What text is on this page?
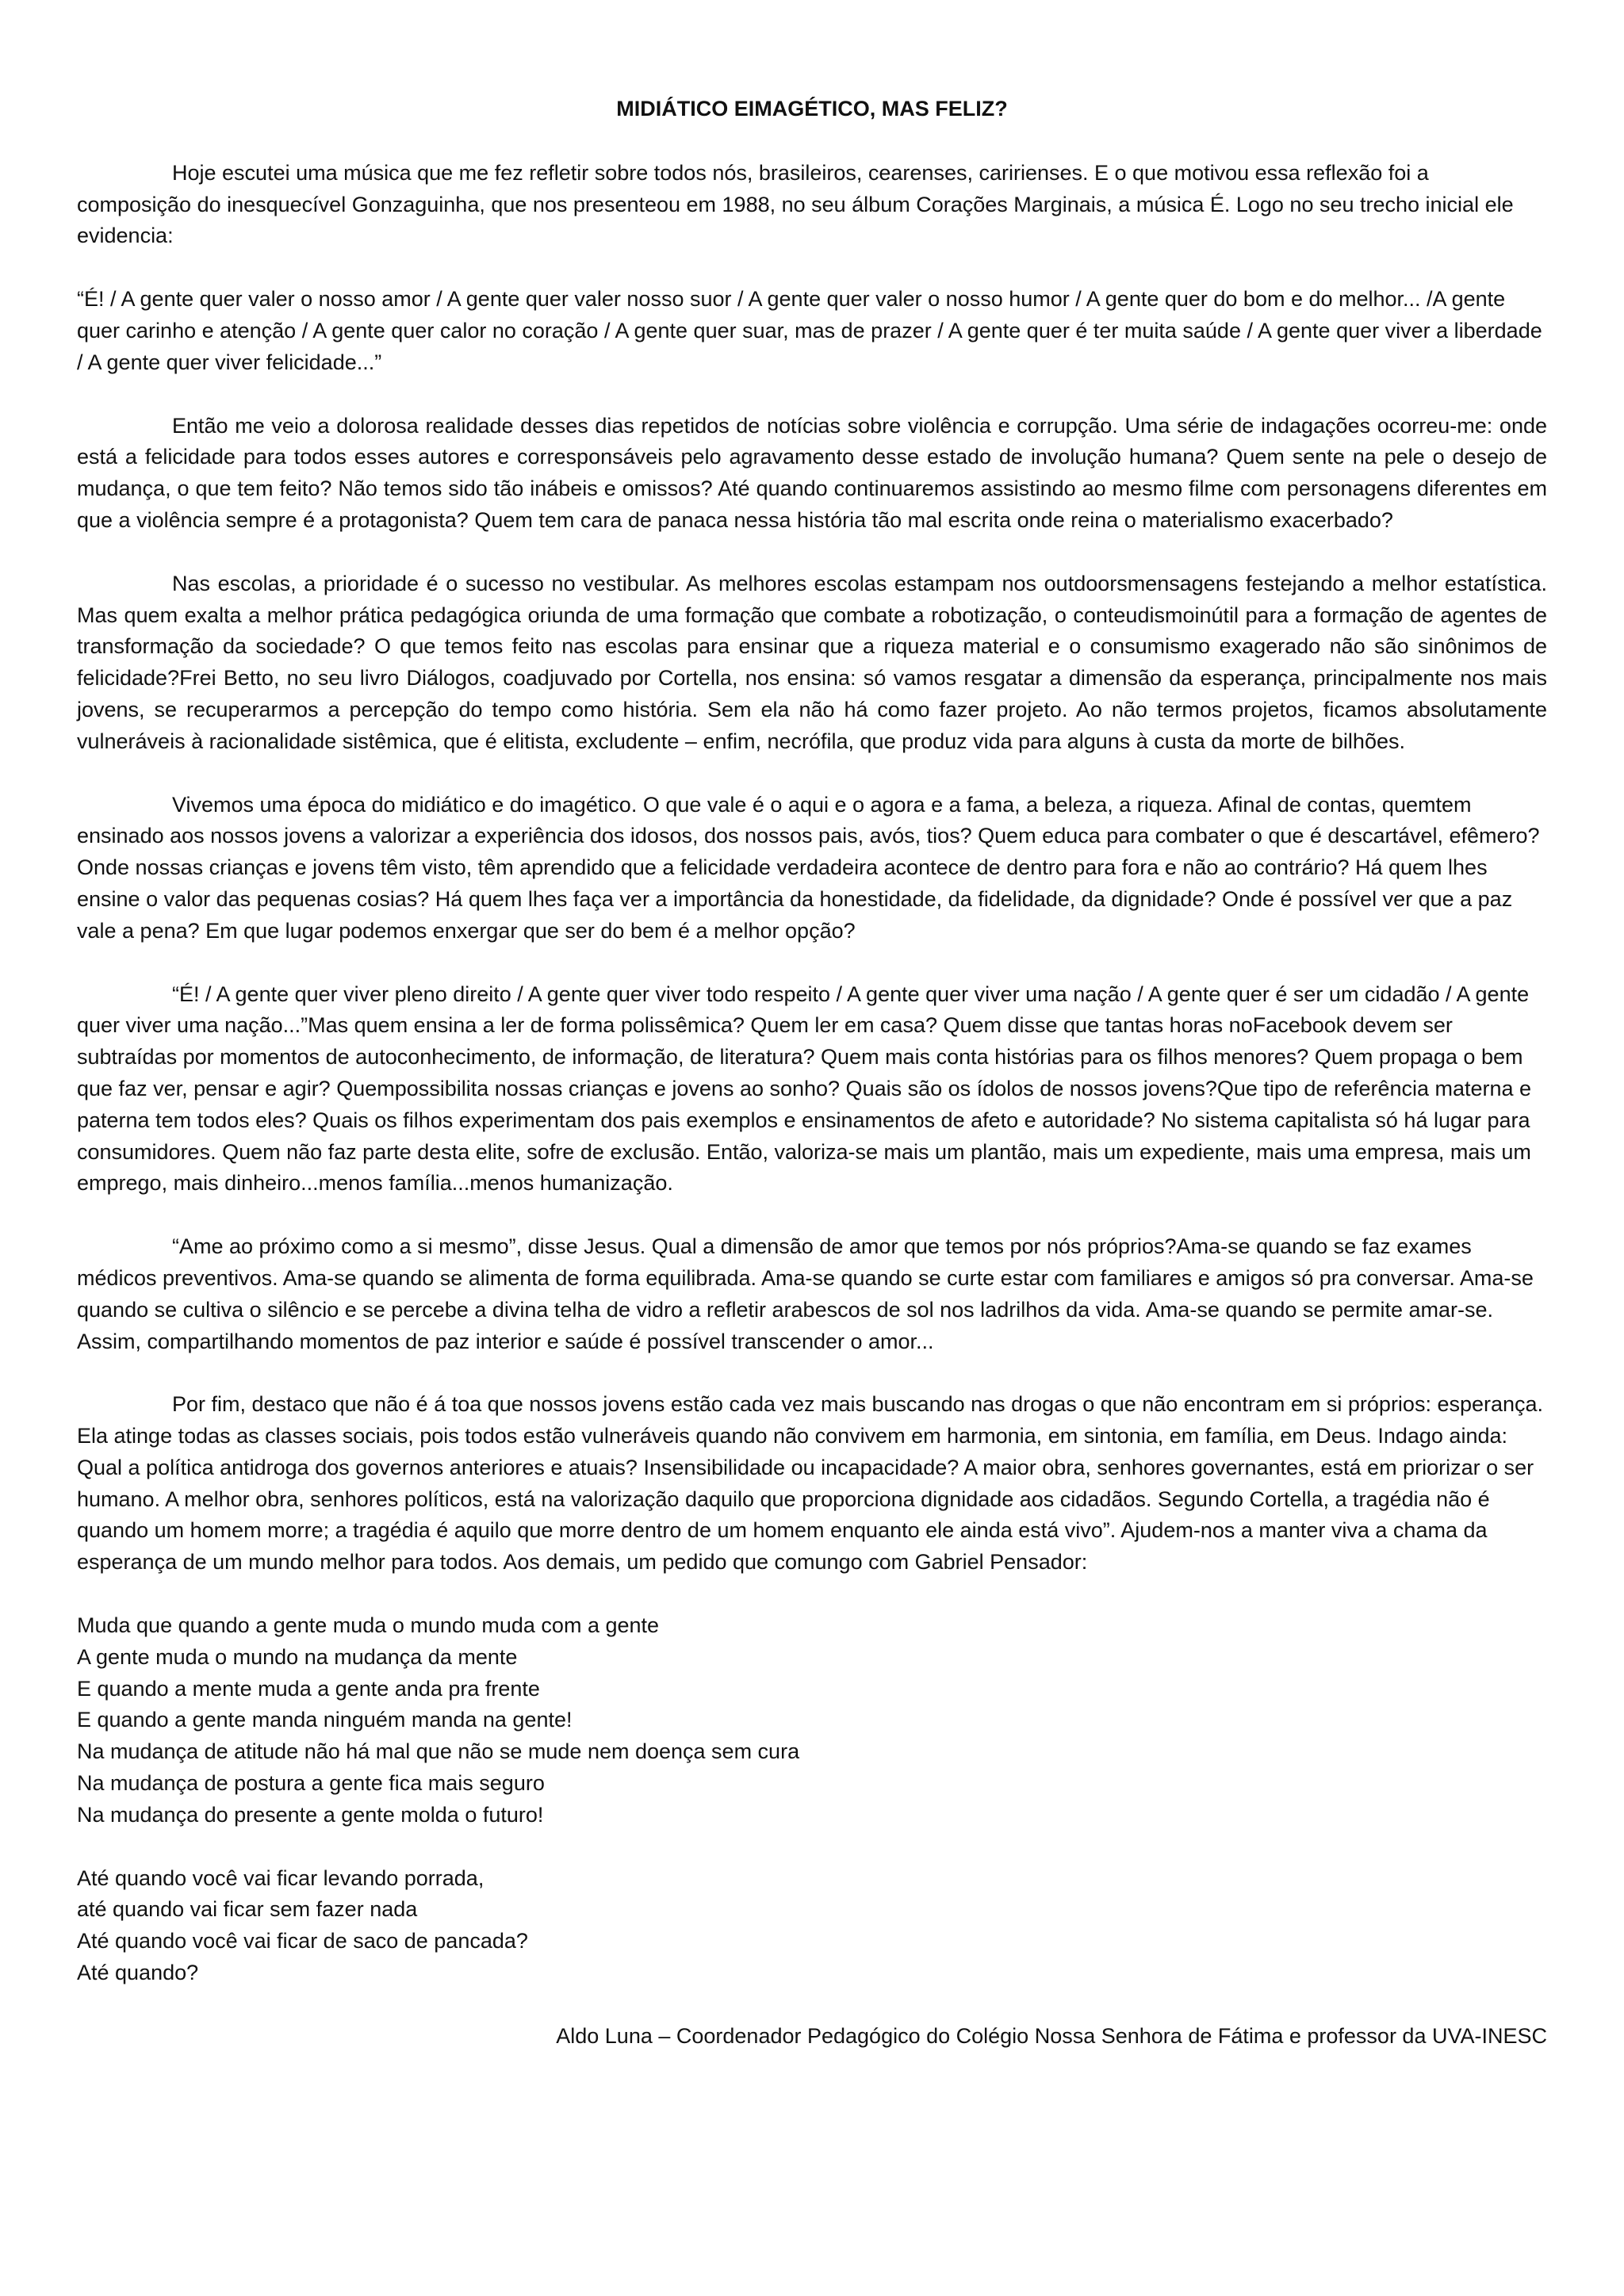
MIDIÁTICO EIMAGÉTICO, MAS FELIZ?

Hoje escutei uma música que me fez refletir sobre todos nós, brasileiros, cearenses, caririenses. E o que motivou essa reflexão foi a composição do inesquecível Gonzaguinha, que nos presenteou em 1988, no seu álbum Corações Marginais, a música É. Logo no seu trecho inicial ele evidencia:

“É! / A gente quer valer o nosso amor / A gente quer valer nosso suor / A gente quer valer o nosso humor / A gente quer do bom e do melhor... /A gente quer carinho e atenção / A gente quer calor no coração / A gente quer suar, mas de prazer / A gente quer é ter muita saúde / A gente quer viver a liberdade / A gente quer viver felicidade...”

Então me veio a dolorosa realidade desses dias repetidos de notícias sobre violência e corrupção. Uma série de indagações ocorreu-me: onde está a felicidade para todos esses autores e corresponsáveis pelo agravamento desse estado de involução humana? Quem sente na pele o desejo de mudança, o que tem feito? Não temos sido tão inábeis e omissos? Até quando continuaremos assistindo ao mesmo filme com personagens diferentes em que a violência sempre é a protagonista? Quem tem cara de panaca nessa história tão mal escrita onde reina o materialismo exacerbado?

Nas escolas, a prioridade é o sucesso no vestibular. As melhores escolas estampam nos outdoorsmensagens festejando a melhor estatística. Mas quem exalta a melhor prática pedagógica oriunda de uma formação que combate a robotização, o conteudismoinútil para a formação de agentes de transformação da sociedade? O que temos feito nas escolas para ensinar que a riqueza material e o consumismo exagerado não são sinônimos de felicidade?Frei Betto, no seu livro Diálogos, coadjuvado por Cortella, nos ensina: só vamos resgatar a dimensão da esperança, principalmente nos mais jovens, se recuperarmos a percepção do tempo como história. Sem ela não há como fazer projeto. Ao não termos projetos, ficamos absolutamente vulneráveis à racionalidade sistêmica, que é elitista, excludente – enfim, necrófila, que produz vida para alguns à custa da morte de bilhões.

Vivemos uma época do midiático e do imagético. O que vale é o aqui e o agora e a fama, a beleza, a riqueza. Afinal de contas, quemtem ensinado aos nossos jovens a valorizar a experiência dos idosos, dos nossos pais, avós, tios? Quem educa para combater o que é descartável, efêmero? Onde nossas crianças e jovens têm visto, têm aprendido que a felicidade verdadeira acontece de dentro para fora e não ao contrário? Há quem lhes ensine o valor das pequenas cosias? Há quem lhes faça ver a importância da honestidade, da fidelidade, da dignidade? Onde é possível ver que a paz vale a pena? Em que lugar podemos enxergar que ser do bem é a melhor opção?

“É! / A gente quer viver pleno direito / A gente quer viver todo respeito / A gente quer viver uma nação / A gente quer é ser um cidadão / A gente quer viver uma nação...”Mas quem ensina a ler de forma polissêmica? Quem ler em casa? Quem disse que tantas horas noFacebook devem ser subtraídas por momentos de autoconhecimento, de informação, de literatura? Quem mais conta histórias para os filhos menores? Quem propaga o bem que faz ver, pensar e agir? Quempossibilita nossas crianças e jovens ao sonho? Quais são os ídolos de nossos jovens?Que tipo de referência materna e paterna tem todos eles? Quais os filhos experimentam dos pais exemplos e ensinamentos de afeto e autoridade? No sistema capitalista só há lugar para consumidores. Quem não faz parte desta elite, sofre de exclusão. Então, valoriza-se mais um plantão, mais um expediente, mais uma empresa, mais um emprego, mais dinheiro...menos família...menos humanização.

“Ame ao próximo como a si mesmo”, disse Jesus. Qual a dimensão de amor que temos por nós próprios?Ama-se quando se faz exames médicos preventivos. Ama-se quando se alimenta de forma equilibrada. Ama-se quando se curte estar com familiares e amigos só pra conversar. Ama-se quando se cultiva o silêncio e se percebe a divina telha de vidro a refletir arabescos de sol nos ladrilhos da vida. Ama-se quando se permite amar-se. Assim, compartilhando momentos de paz interior e saúde é possível transcender o amor...

Por fim, destaco que não é á toa que nossos jovens estão cada vez mais buscando nas drogas o que não encontram em si próprios: esperança. Ela atinge todas as classes sociais, pois todos estão vulneráveis quando não convivem em harmonia, em sintonia, em família, em Deus. Indago ainda: Qual a política antidroga dos governos anteriores e atuais? Insensibilidade ou incapacidade? A maior obra, senhores governantes, está em priorizar o ser humano. A melhor obra, senhores políticos, está na valorização daquilo que proporciona dignidade aos cidadãos. Segundo Cortella, a tragédia não é quando um homem morre; a tragédia é aquilo que morre dentro de um homem enquanto ele ainda está vivo”. Ajudem-nos a manter viva a chama da esperança de um mundo melhor para todos. Aos demais, um pedido que comungo com Gabriel Pensador:

Muda que quando a gente muda o mundo muda com a gente
A gente muda o mundo na mudança da mente
E quando a mente muda a gente anda pra frente
E quando a gente manda ninguém manda na gente!
Na mudança de atitude não há mal que não se mude nem doença sem cura
Na mudança de postura a gente fica mais seguro
Na mudança do presente a gente molda o futuro!
Até quando você vai ficar levando porrada,
até quando vai ficar sem fazer nada
Até quando você vai ficar de saco de pancada?
Até quando?
Aldo Luna – Coordenador Pedagógico do Colégio Nossa Senhora de Fátima e professor da UVA-INESC
